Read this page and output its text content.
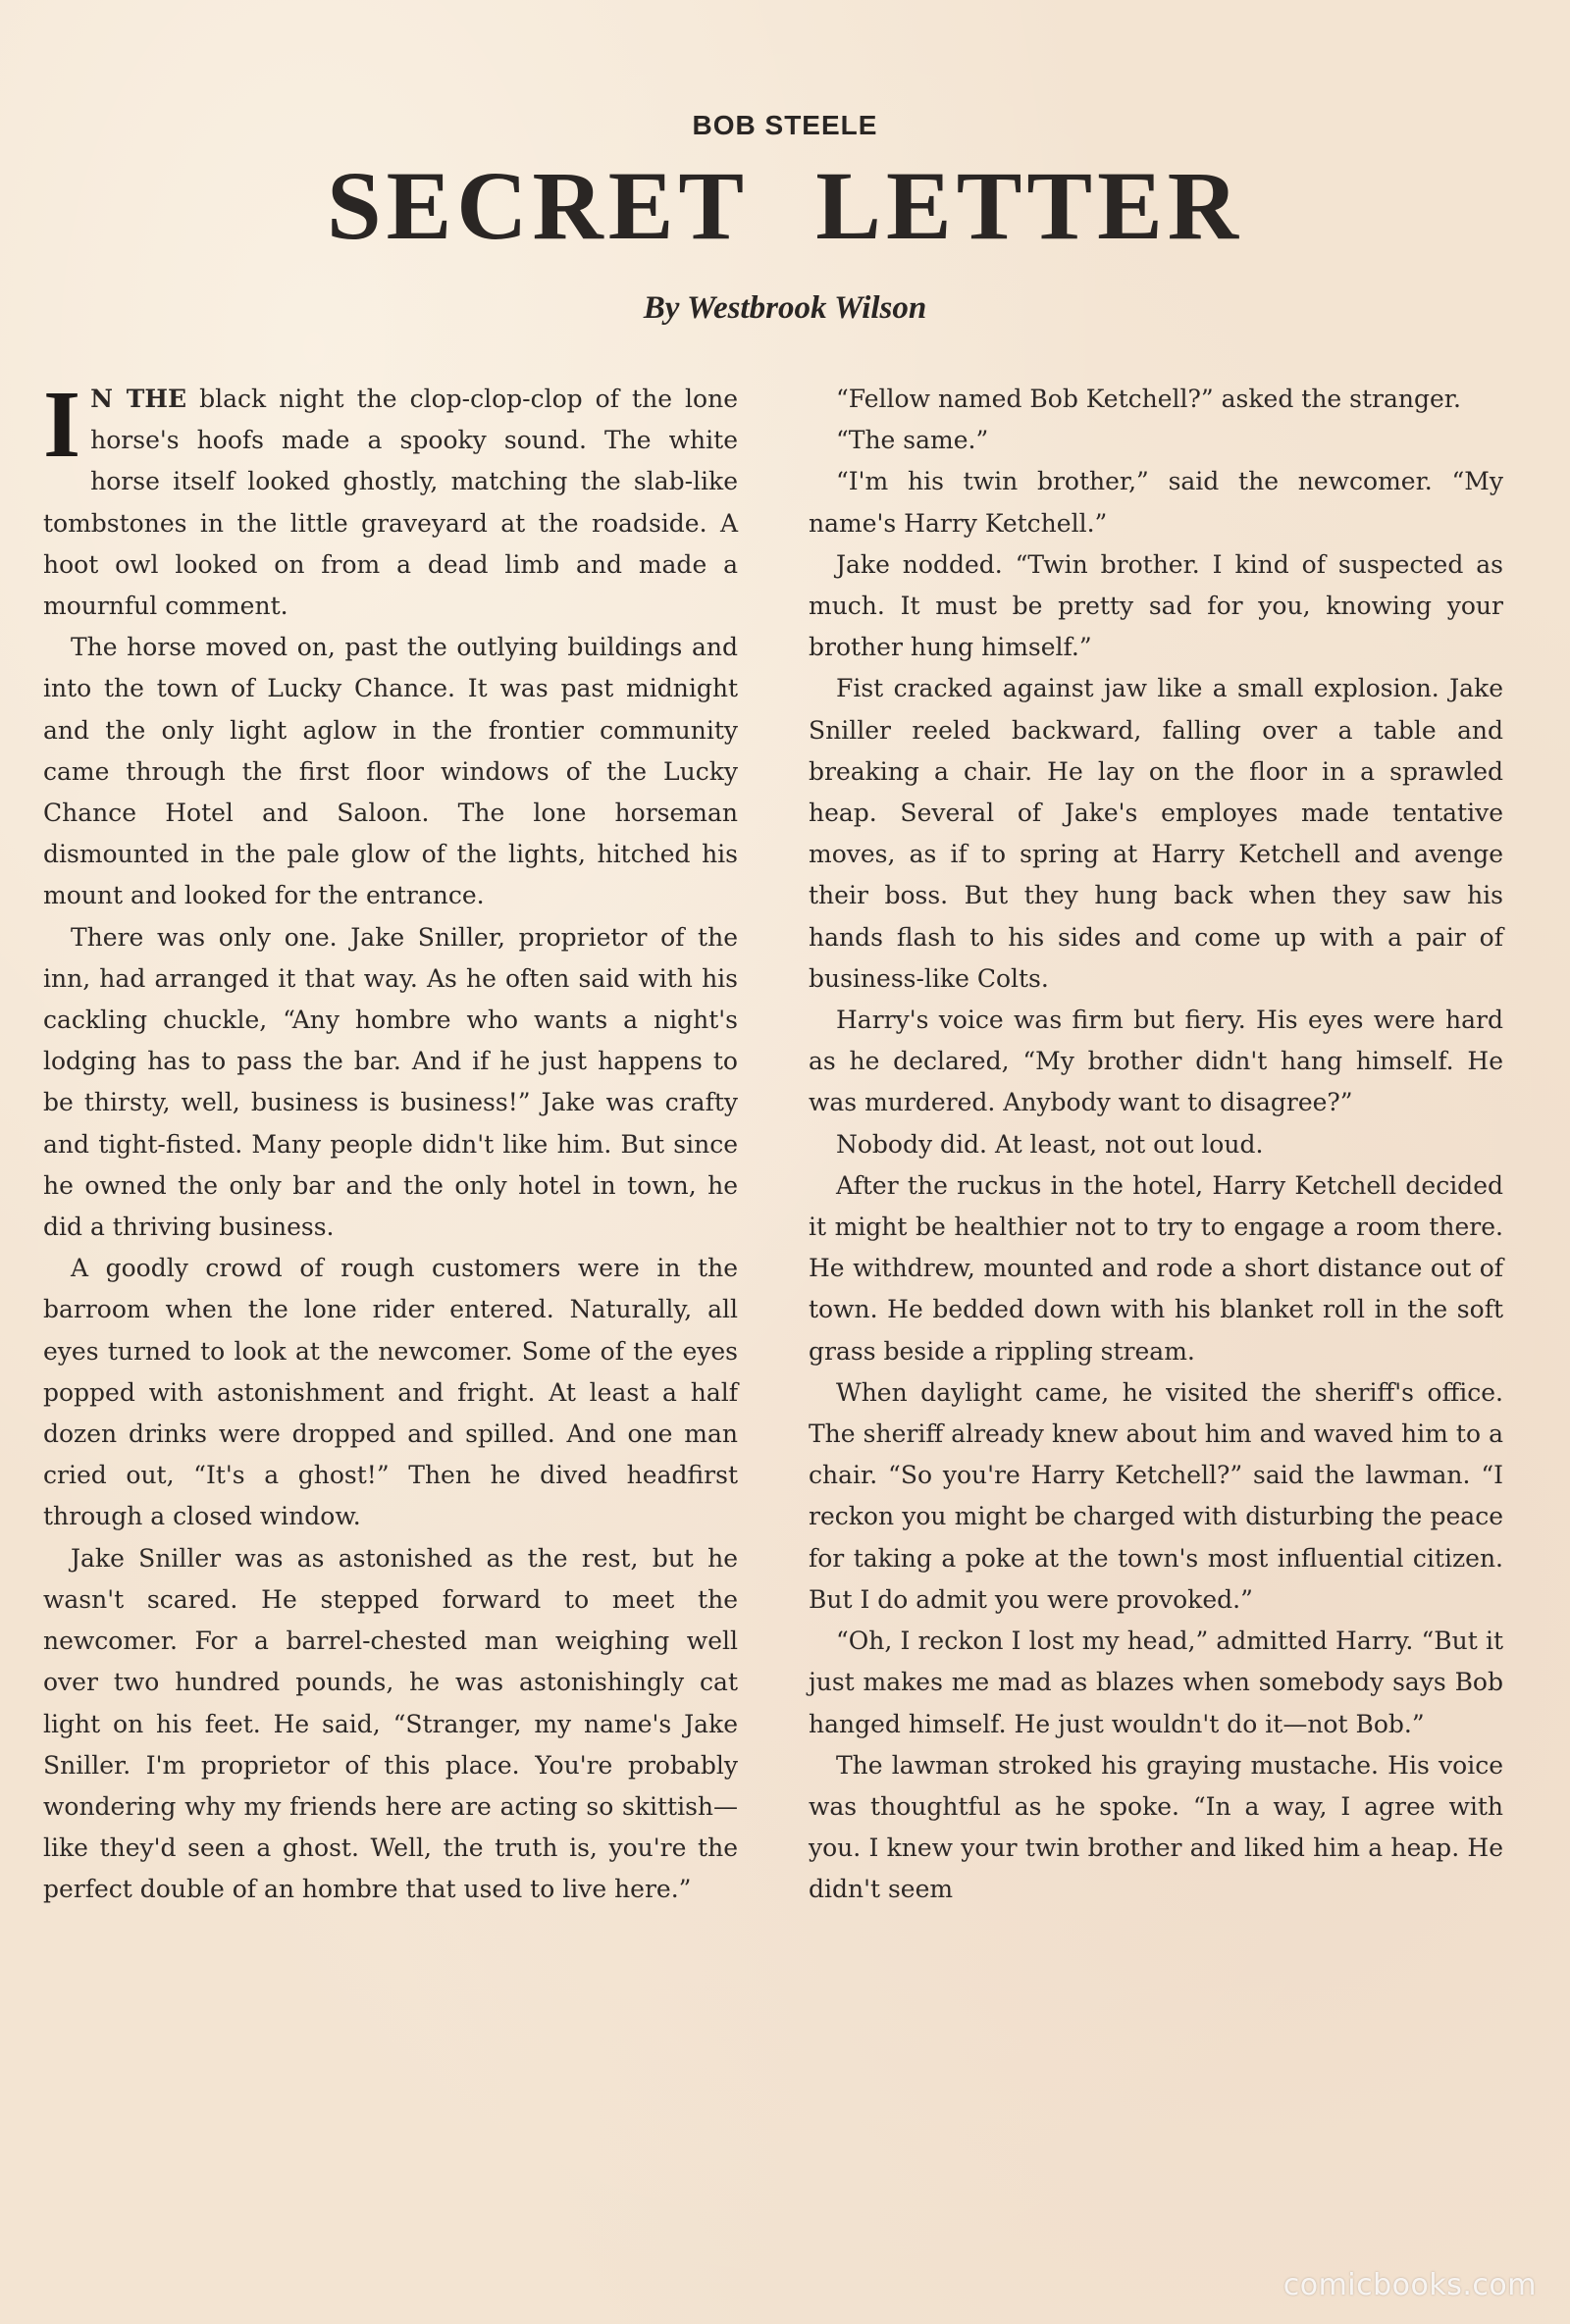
BOB STEELE
SECRET LETTER
By Westbrook Wilson

I N THE black night the clop-clop-clop of the lone horse's hoofs made a spooky sound. The white horse itself looked ghostly, matching the slab-like tombstones in the little graveyard at the roadside. A hoot owl looked on from a dead limb and made a mournful comment.

The horse moved on, past the outlying buildings and into the town of Lucky Chance. It was past midnight and the only light aglow in the frontier community came through the first floor windows of the Lucky Chance Hotel and Saloon. The lone horseman dismounted in the pale glow of the lights, hitched his mount and looked for the entrance.

There was only one. Jake Sniller, proprietor of the inn, had arranged it that way. As he often said with his cackling chuckle, “Any hombre who wants a night's lodging has to pass the bar. And if he just happens to be thirsty, well, business is business!” Jake was crafty and tight-fisted. Many people didn't like him. But since he owned the only bar and the only hotel in town, he did a thriving business.

A goodly crowd of rough customers were in the barroom when the lone rider entered. Naturally, all eyes turned to look at the newcomer. Some of the eyes popped with astonishment and fright. At least a half dozen drinks were dropped and spilled. And one man cried out, “It's a ghost!” Then he dived headfirst through a closed window.

Jake Sniller was as astonished as the rest, but he wasn't scared. He stepped forward to meet the newcomer. For a barrel-chested man weighing well over two hundred pounds, he was astonishingly cat light on his feet. He said, “Stranger, my name's Jake Sniller. I'm proprietor of this place. You're probably wondering why my friends here are acting so skittish—like they'd seen a ghost. Well, the truth is, you're the perfect double of an hombre that used to live here.”

“Fellow named Bob Ketchell?” asked the stranger.

“The same.”

“I'm his twin brother,” said the newcomer. “My name's Harry Ketchell.”

Jake nodded. “Twin brother. I kind of suspected as much. It must be pretty sad for you, knowing your brother hung himself.”

Fist cracked against jaw like a small explosion. Jake Sniller reeled backward, falling over a table and breaking a chair. He lay on the floor in a sprawled heap. Several of Jake's employes made tentative moves, as if to spring at Harry Ketchell and avenge their boss. But they hung back when they saw his hands flash to his sides and come up with a pair of business-like Colts.

Harry's voice was firm but fiery. His eyes were hard as he declared, “My brother didn't hang himself. He was murdered. Anybody want to disagree?”

Nobody did. At least, not out loud.

After the ruckus in the hotel, Harry Ketchell decided it might be healthier not to try to engage a room there. He withdrew, mounted and rode a short distance out of town. He bedded down with his blanket roll in the soft grass beside a rippling stream.

When daylight came, he visited the sheriff's office. The sheriff already knew about him and waved him to a chair. “So you're Harry Ketchell?” said the lawman. “I reckon you might be charged with disturbing the peace for taking a poke at the town's most influential citizen. But I do admit you were provoked.”

“Oh, I reckon I lost my head,” admitted Harry. “But it just makes me mad as blazes when somebody says Bob hanged himself. He just wouldn't do it—not Bob.”

The lawman stroked his graying mustache. His voice was thoughtful as he spoke. “In a way, I agree with you. I knew your twin brother and liked him a heap. He didn't seem

comicbooks.com
